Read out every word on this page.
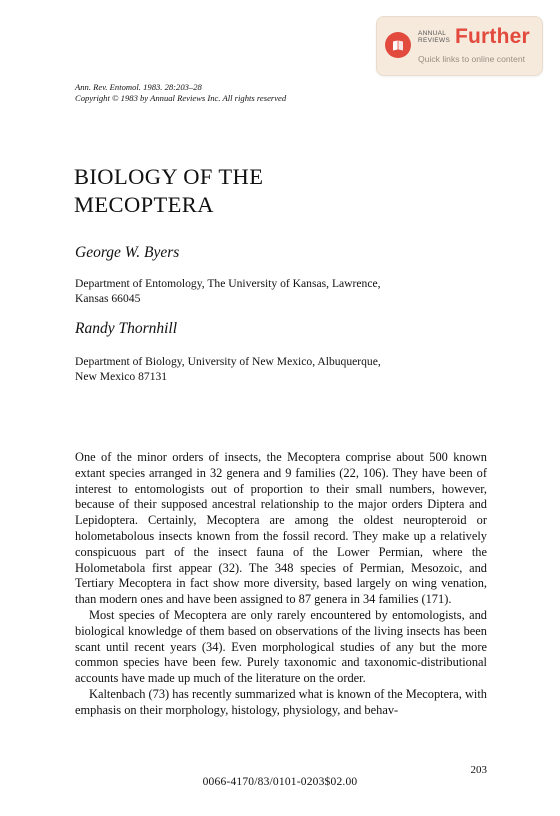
ANNUAL
REVIEWS Further
Quick links to online content
Ann. Rev. Entomol. 1983. 28:203–28
Copyright © 1983 by Annual Reviews Inc. All rights reserved
BIOLOGY OF THE
MECOPTERA
George W. Byers
Department of Entomology, The University of Kansas, Lawrence,
Kansas 66045
Randy Thornhill
Department of Biology, University of New Mexico, Albuquerque,
New Mexico 87131

One of the minor orders of insects, the Mecoptera comprise about 500 known extant species arranged in 32 genera and 9 families (22, 106). They have been of interest to entomologists out of proportion to their small numbers, however, because of their supposed ancestral relationship to the major orders Diptera and Lepidoptera. Certainly, Mecoptera are among the oldest neuropteroid or holometabolous insects known from the fossil record. They make up a relatively conspicuous part of the insect fauna of the Lower Permian, where the Holometabola first appear (32). The 348 species of Permian, Mesozoic, and Tertiary Mecoptera in fact show more diversity, based largely on wing venation, than modern ones and have been assigned to 87 genera in 34 families (171).

Most species of Mecoptera are only rarely encountered by entomologists, and biological knowledge of them based on observations of the living insects has been scant until recent years (34). Even morphological studies of any but the more common species have been few. Purely taxonomic and taxonomic-distributional accounts have made up much of the literature on the order.

Kaltenbach (73) has recently summarized what is known of the Mecoptera, with emphasis on their morphology, histology, physiology, and behav-

203
0066-4170/83/0101-0203$02.00
